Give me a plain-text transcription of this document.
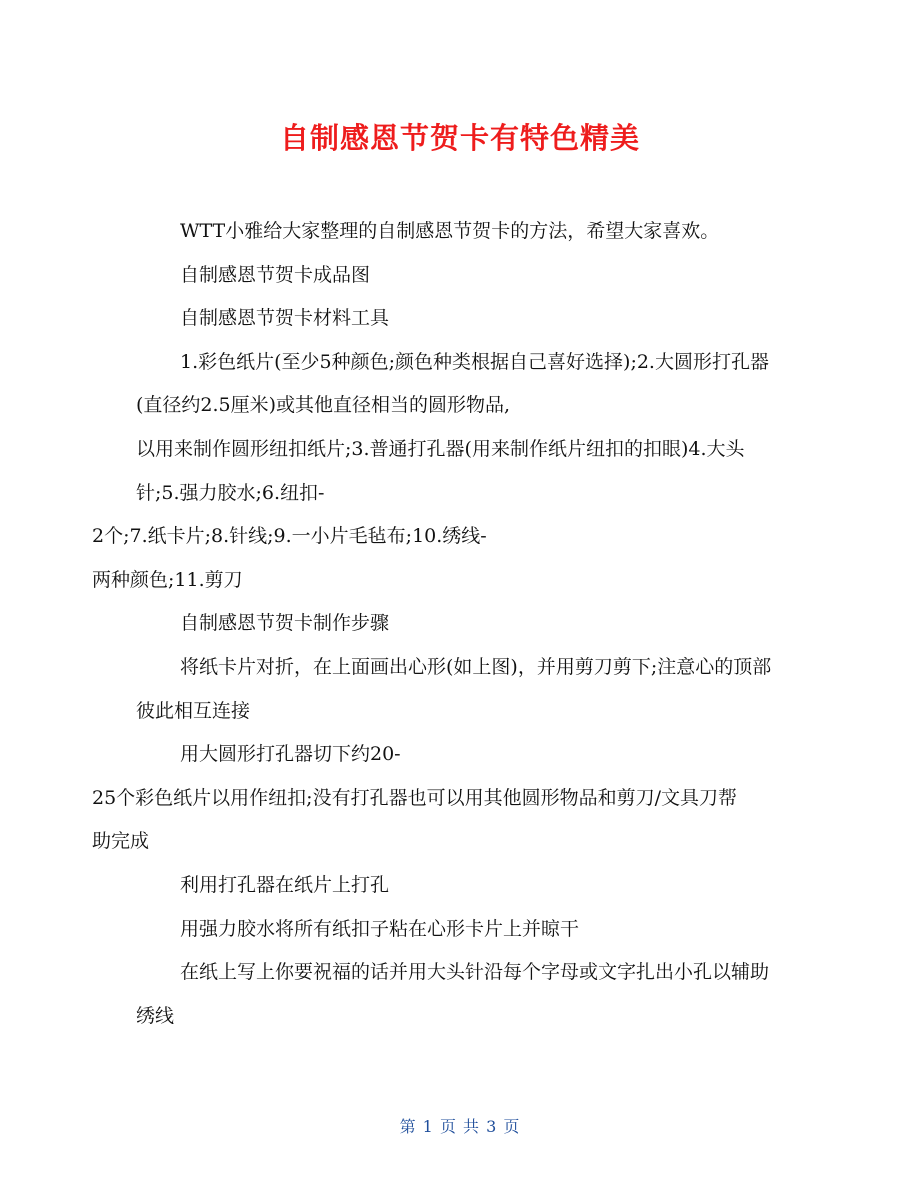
自制感恩节贺卡有特色精美

WTT小雅给大家整理的自制感恩节贺卡的方法，希望大家喜欢。

自制感恩节贺卡成品图

自制感恩节贺卡材料工具

1.彩色纸片(至少5种颜色;颜色种类根据自己喜好选择);2.大圆形打孔器(直径约2.5厘米)或其他直径相当的圆形物品,
以用来制作圆形纽扣纸片;3.普通打孔器(用来制作纸片纽扣的扣眼)4.大头针;5.强力胶水;6.纽扣-
2个;7.纸卡片;8.针线;9.一小片毛毡布;10.绣线-
两种颜色;11.剪刀

自制感恩节贺卡制作步骤

将纸卡片对折，在上面画出心形(如上图)，并用剪刀剪下;注意心的顶部彼此相互连接

用大圆形打孔器切下约20-
25个彩色纸片以用作纽扣;没有打孔器也可以用其他圆形物品和剪刀/文具刀帮助完成

利用打孔器在纸片上打孔

用强力胶水将所有纸扣子粘在心形卡片上并晾干

在纸上写上你要祝福的话并用大头针沿每个字母或文字扎出小孔以辅助绣线

第 1 页 共 3 页
